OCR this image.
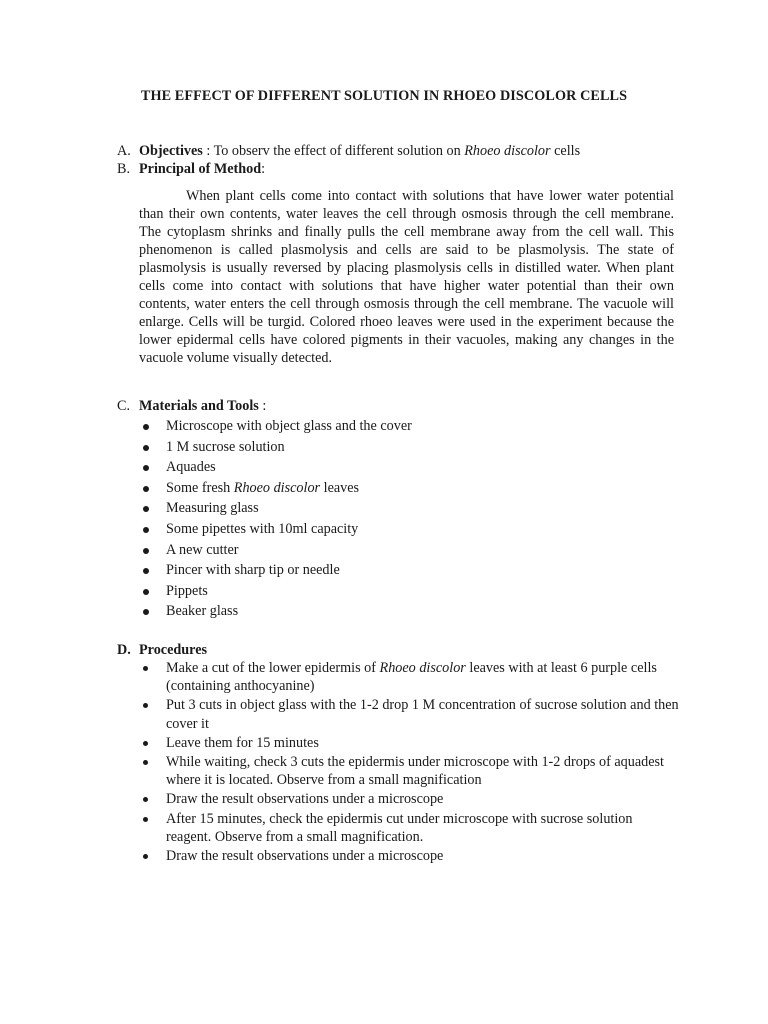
THE EFFECT OF DIFFERENT SOLUTION IN RHOEO DISCOLOR CELLS
A. Objectives : To observ the effect of different solution on Rhoeo discolor cells
B. Principal of Method:
When plant cells come into contact with solutions that have lower water potential than their own contents, water leaves the cell through osmosis through the cell membrane. The cytoplasm shrinks and finally pulls the cell membrane away from the cell wall. This phenomenon is called plasmolysis and cells are said to be plasmolysis. The state of plasmolysis is usually reversed by placing plasmolysis cells in distilled water. When plant cells come into contact with solutions that have higher water potential than their own contents, water enters the cell through osmosis through the cell membrane. The vacuole will enlarge. Cells will be turgid. Colored rhoeo leaves were used in the experiment because the lower epidermal cells have colored pigments in their vacuoles, making any changes in the vacuole volume visually detected.
C. Materials and Tools :
Microscope with object glass and the cover
1 M sucrose solution
Aquades
Some fresh Rhoeo discolor leaves
Measuring glass
Some pipettes with 10ml capacity
A new cutter
Pincer with sharp tip or needle
Pippets
Beaker glass
D. Procedures
Make a cut of the lower epidermis of Rhoeo discolor leaves with at least 6 purple cells (containing anthocyanine)
Put 3 cuts in object glass with the 1-2 drop 1 M concentration of sucrose solution and then cover it
Leave them for 15 minutes
While waiting, check 3 cuts the epidermis under microscope with 1-2 drops of aquadest where it is located. Observe from a small magnification
Draw the result observations under a microscope
After 15 minutes, check the epidermis cut under microscope with sucrose solution reagent. Observe from a small magnification.
Draw the result observations under a microscope
